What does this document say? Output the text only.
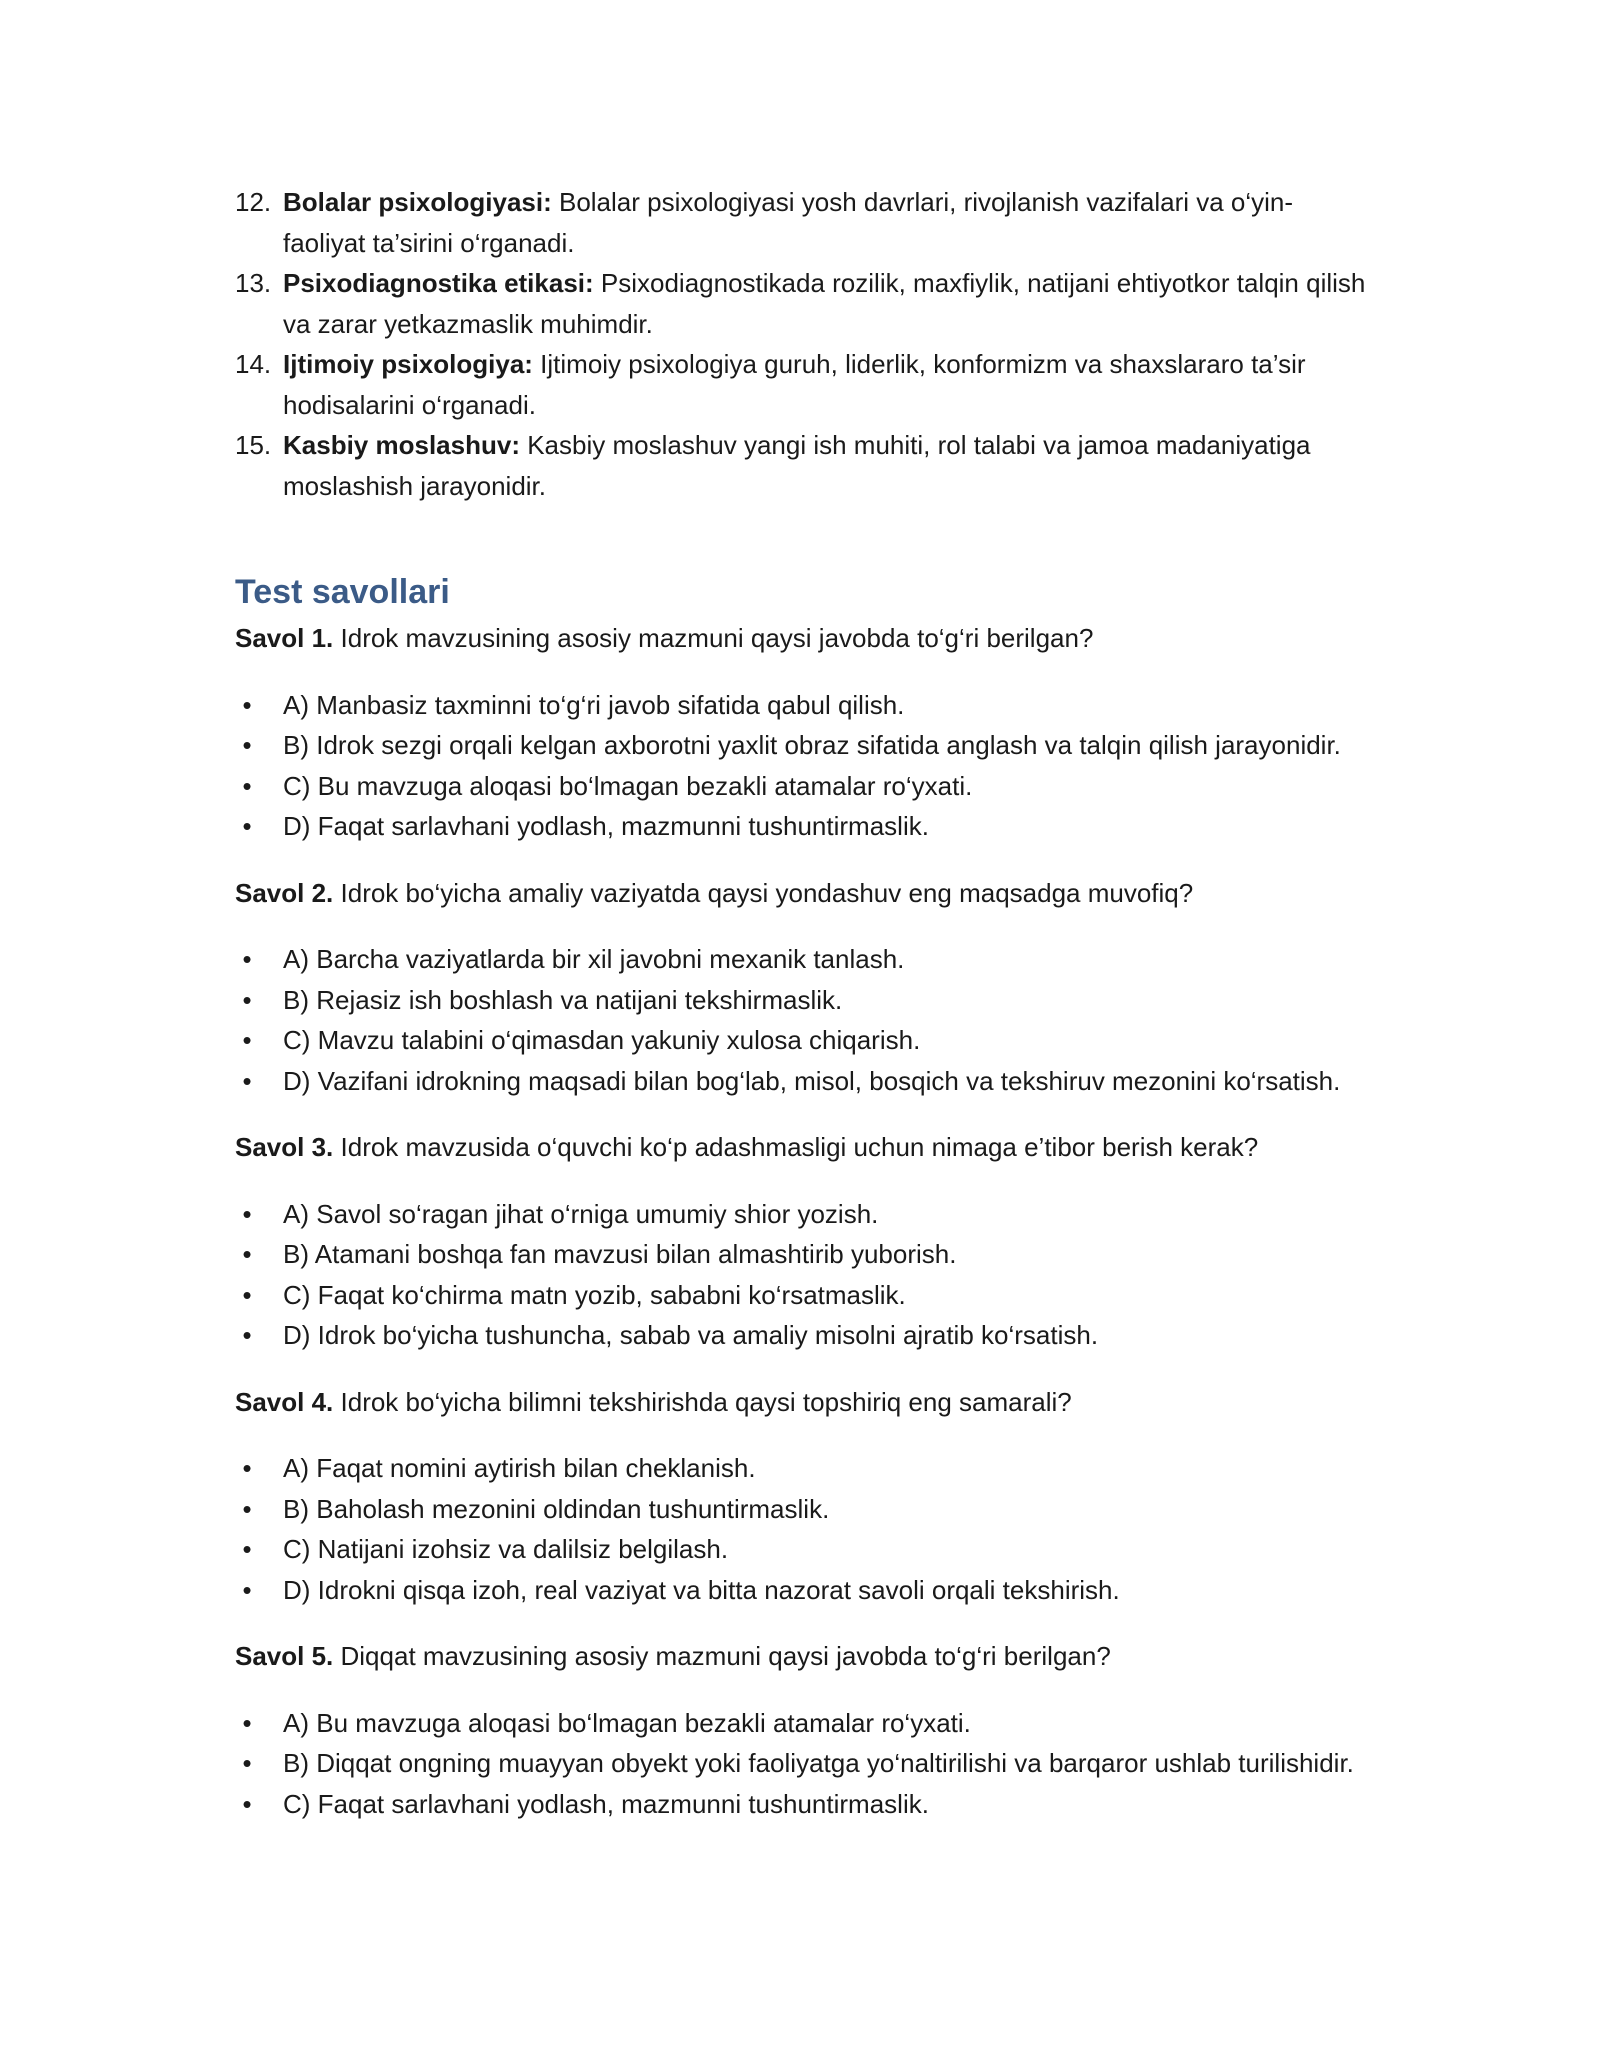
12. Bolalar psixologiyasi: Bolalar psixologiyasi yosh davrlari, rivojlanish vazifalari va o‘yin-faoliyat ta’sirini o‘rganadi.
13. Psixodiagnostika etikasi: Psixodiagnostikada rozilik, maxfiylik, natijani ehtiyotkor talqin qilish va zarar yetkazmaslik muhimdir.
14. Ijtimoiy psixologiya: Ijtimoiy psixologiya guruh, liderlik, konformizm va shaxslararo ta’sir hodisalarini o‘rganadi.
15. Kasbiy moslashuv: Kasbiy moslashuv yangi ish muhiti, rol talabi va jamoa madaniyatiga moslashish jarayonidir.
Test savollari

Savol 1. Idrok mavzusining asosiy mazmuni qaysi javobda to‘g‘ri berilgan?

• A) Manbasiz taxminni to‘g‘ri javob sifatida qabul qilish.
• B) Idrok sezgi orqali kelgan axborotni yaxlit obraz sifatida anglash va talqin qilish jarayonidir.
• C) Bu mavzuga aloqasi bo‘lmagan bezakli atamalar ro‘yxati.
• D) Faqat sarlavhani yodlash, mazmunni tushuntirmaslik.

Savol 2. Idrok bo‘yicha amaliy vaziyatda qaysi yondashuv eng maqsadga muvofiq?

• A) Barcha vaziyatlarda bir xil javobni mexanik tanlash.
• B) Rejasiz ish boshlash va natijani tekshirmaslik.
• C) Mavzu talabini o‘qimasdan yakuniy xulosa chiqarish.
• D) Vazifani idrokning maqsadi bilan bog‘lab, misol, bosqich va tekshiruv mezonini ko‘rsatish.

Savol 3. Idrok mavzusida o‘quvchi ko‘p adashmasligi uchun nimaga e’tibor berish kerak?

• A) Savol so‘ragan jihat o‘rniga umumiy shior yozish.
• B) Atamani boshqa fan mavzusi bilan almashtirib yuborish.
• C) Faqat ko‘chirma matn yozib, sababni ko‘rsatmaslik.
• D) Idrok bo‘yicha tushuncha, sabab va amaliy misolni ajratib ko‘rsatish.

Savol 4. Idrok bo‘yicha bilimni tekshirishda qaysi topshiriq eng samarali?

• A) Faqat nomini aytirish bilan cheklanish.
• B) Baholash mezonini oldindan tushuntirmaslik.
• C) Natijani izohsiz va dalilsiz belgilash.
• D) Idrokni qisqa izoh, real vaziyat va bitta nazorat savoli orqali tekshirish.

Savol 5. Diqqat mavzusining asosiy mazmuni qaysi javobda to‘g‘ri berilgan?

• A) Bu mavzuga aloqasi bo‘lmagan bezakli atamalar ro‘yxati.
• B) Diqqat ongning muayyan obyekt yoki faoliyatga yo‘naltirilishi va barqaror ushlab turilishidir.
• C) Faqat sarlavhani yodlash, mazmunni tushuntirmaslik.
